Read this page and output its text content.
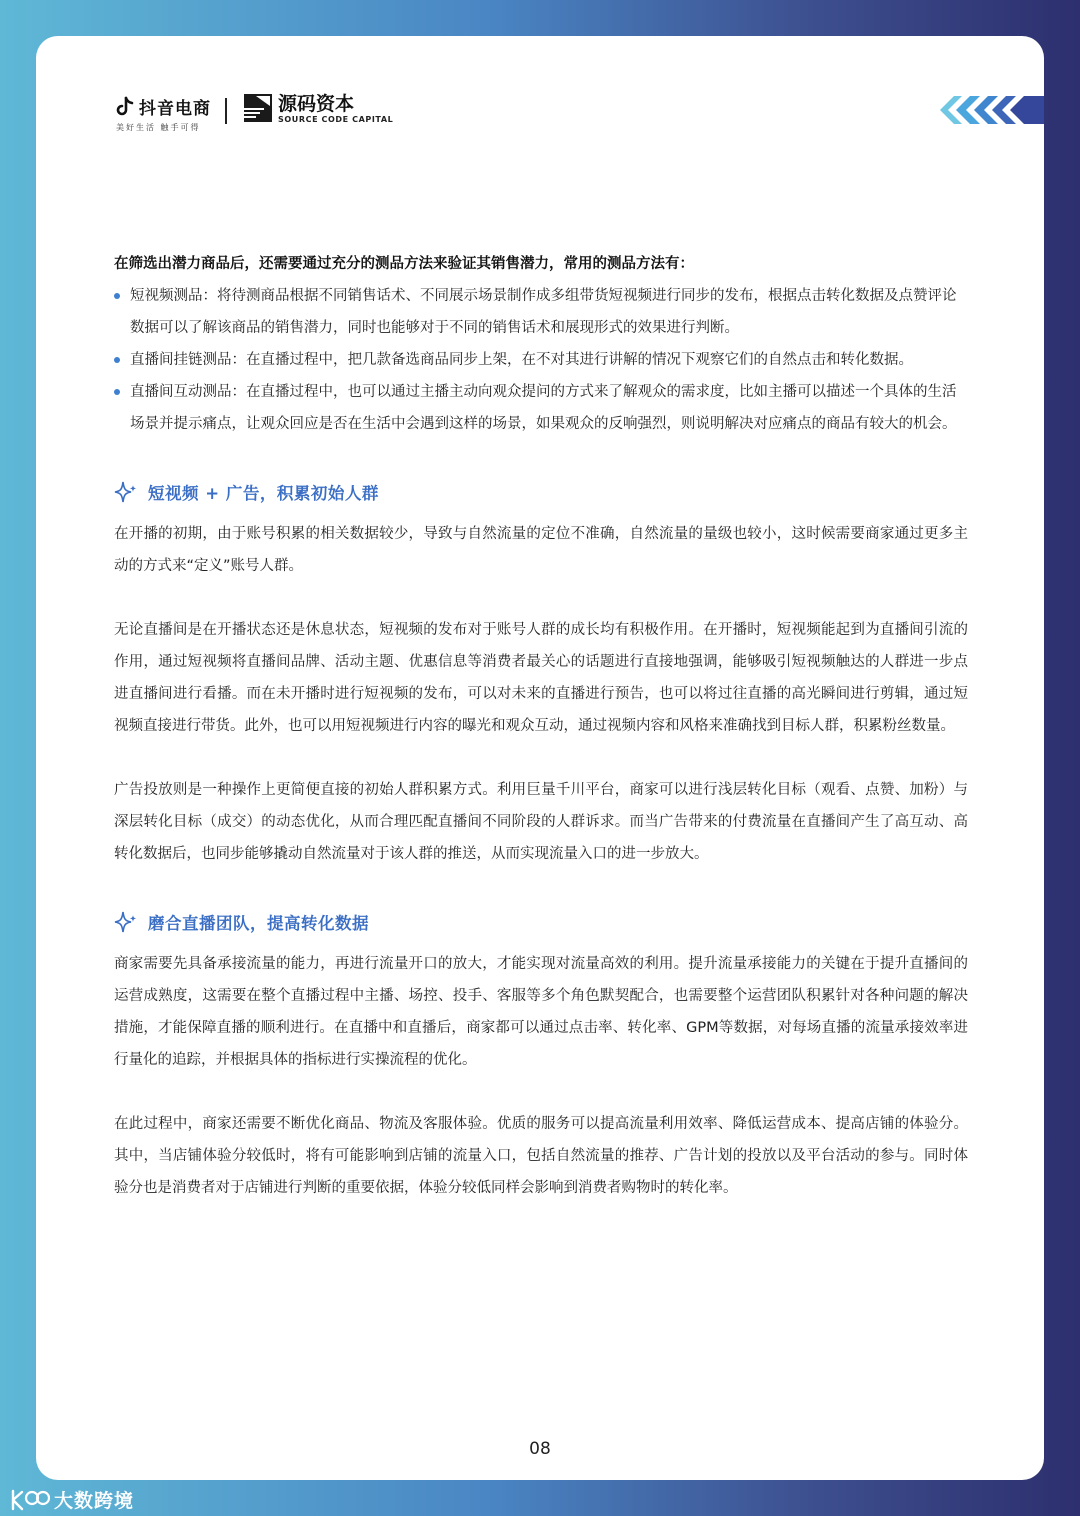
抖音电商
美好生活 触手可得
源码资本
SOURCE CODE CAPITAL

在筛选出潜力商品后，还需要通过充分的测品方法来验证其销售潜力，常用的测品方法有：

短视频测品：将待测商品根据不同销售话术、不同展示场景制作成多组带货短视频进行同步的发布，根据点击转化数据及点赞评论数据可以了解该商品的销售潜力，同时也能够对于不同的销售话术和展现形式的效果进行判断。
直播间挂链测品：在直播过程中，把几款备选商品同步上架，在不对其进行讲解的情况下观察它们的自然点击和转化数据。
直播间互动测品：在直播过程中，也可以通过主播主动向观众提问的方式来了解观众的需求度，比如主播可以描述一个具体的生活场景并提示痛点，让观众回应是否在生活中会遇到这样的场景，如果观众的反响强烈，则说明解决对应痛点的商品有较大的机会。
短视频 + 广告，积累初始人群

在开播的初期，由于账号积累的相关数据较少，导致与自然流量的定位不准确，自然流量的量级也较小，这时候需要商家通过更多主动的方式来“定义”账号人群。

无论直播间是在开播状态还是休息状态，短视频的发布对于账号人群的成长均有积极作用。在开播时，短视频能起到为直播间引流的作用，通过短视频将直播间品牌、活动主题、优惠信息等消费者最关心的话题进行直接地强调，能够吸引短视频触达的人群进一步点进直播间进行看播。而在未开播时进行短视频的发布，可以对未来的直播进行预告，也可以将过往直播的高光瞬间进行剪辑，通过短视频直接进行带货。此外，也可以用短视频进行内容的曝光和观众互动，通过视频内容和风格来准确找到目标人群，积累粉丝数量。

广告投放则是一种操作上更简便直接的初始人群积累方式。利用巨量千川平台，商家可以进行浅层转化目标（观看、点赞、加粉）与深层转化目标（成交）的动态优化，从而合理匹配直播间不同阶段的人群诉求。而当广告带来的付费流量在直播间产生了高互动、高转化数据后，也同步能够撬动自然流量对于该人群的推送，从而实现流量入口的进一步放大。

磨合直播团队，提高转化数据

商家需要先具备承接流量的能力，再进行流量开口的放大，才能实现对流量高效的利用。提升流量承接能力的关键在于提升直播间的运营成熟度，这需要在整个直播过程中主播、场控、投手、客服等多个角色默契配合，也需要整个运营团队积累针对各种问题的解决措施，才能保障直播的顺利进行。在直播中和直播后，商家都可以通过点击率、转化率、GPM等数据，对每场直播的流量承接效率进行量化的追踪，并根据具体的指标进行实操流程的优化。

在此过程中，商家还需要不断优化商品、物流及客服体验。优质的服务可以提高流量利用效率、降低运营成本、提高店铺的体验分。其中，当店铺体验分较低时，将有可能影响到店铺的流量入口，包括自然流量的推荐、广告计划的投放以及平台活动的参与。同时体验分也是消费者对于店铺进行判断的重要依据，体验分较低同样会影响到消费者购物时的转化率。

08
大数跨境
